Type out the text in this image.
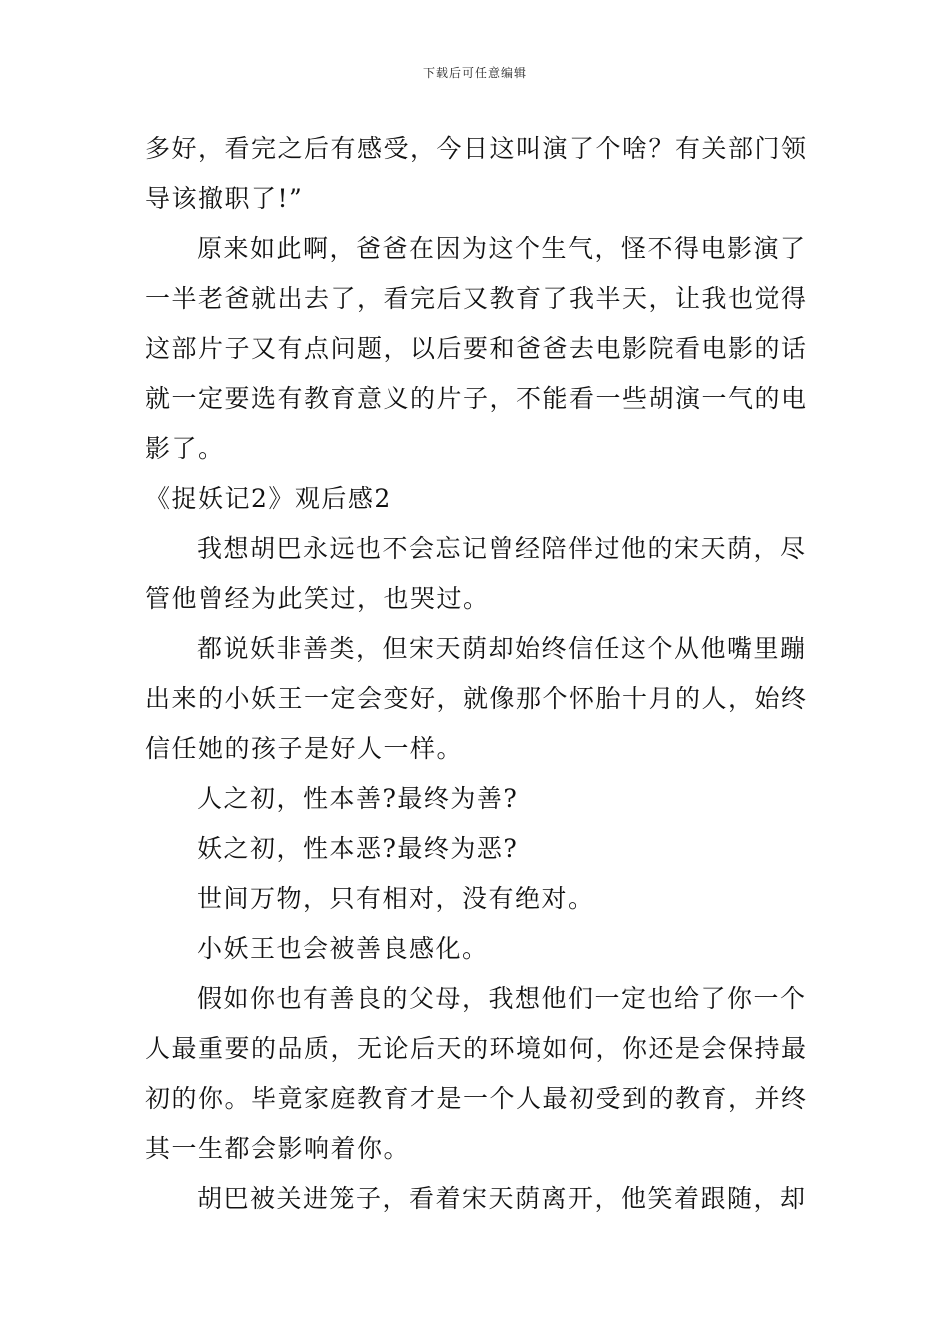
下载后可任意编辑

多好，看完之后有感受，今日这叫演了个啥？有关部门领导该撤职了!”

原来如此啊，爸爸在因为这个生气，怪不得电影演了一半老爸就出去了，看完后又教育了我半天，让我也觉得这部片子又有点问题，以后要和爸爸去电影院看电影的话就一定要选有教育意义的片子，不能看一些胡演一气的电影了。

《捉妖记2》观后感2

我想胡巴永远也不会忘记曾经陪伴过他的宋天荫，尽管他曾经为此笑过，也哭过。

都说妖非善类，但宋天荫却始终信任这个从他嘴里蹦出来的小妖王一定会变好，就像那个怀胎十月的人，始终信任她的孩子是好人一样。

人之初，性本善?最终为善?

妖之初，性本恶?最终为恶?

世间万物，只有相对，没有绝对。

小妖王也会被善良感化。

假如你也有善良的父母，我想他们一定也给了你一个人最重要的品质，无论后天的环境如何，你还是会保持最初的你。毕竟家庭教育才是一个人最初受到的教育，并终其一生都会影响着你。

胡巴被关进笼子，看着宋天荫离开，他笑着跟随，却
